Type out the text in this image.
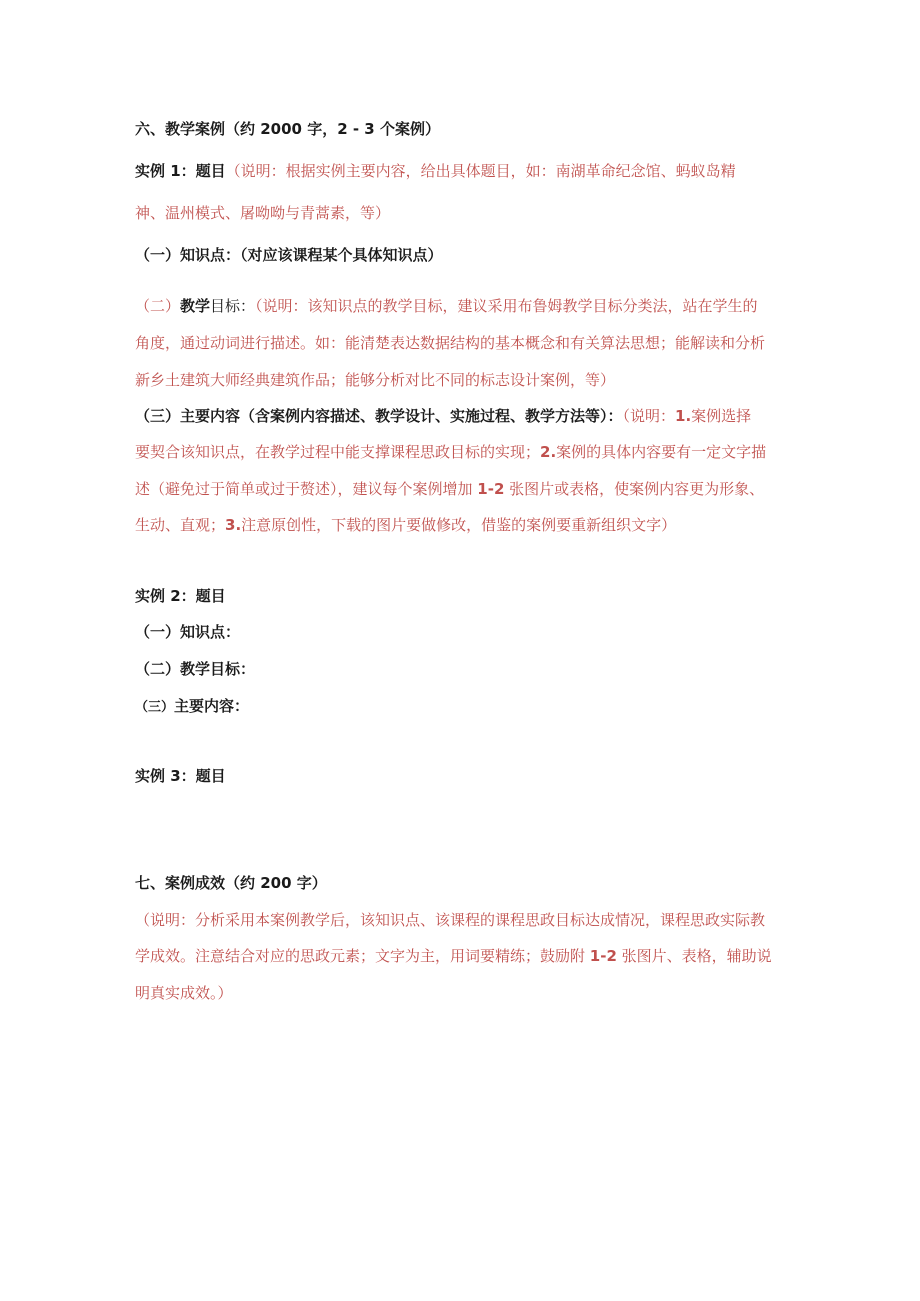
六、教学案例（约 2000 字，2 - 3 个案例）
实例 1：题目（说明：根据实例主要内容，给出具体题目，如：南湖革命纪念馆、蚂蚁岛精
神、温州模式、屠呦呦与青蒿素，等）
（一）知识点：（对应该课程某个具体知识点）
（二）教学目标：（说明：该知识点的教学目标，建议采用布鲁姆教学目标分类法，站在学生的
角度，通过动词进行描述。如：能清楚表达数据结构的基本概念和有关算法思想；能解读和分析
新乡土建筑大师经典建筑作品；能够分析对比不同的标志设计案例，等）
（三）主要内容（含案例内容描述、教学设计、实施过程、教学方法等）：（说明：1.案例选择
要契合该知识点，在教学过程中能支撑课程思政目标的实现；2.案例的具体内容要有一定文字描
述（避免过于简单或过于赘述），建议每个案例增加 1-2 张图片或表格，使案例内容更为形象、
生动、直观；3.注意原创性，下载的图片要做修改，借鉴的案例要重新组织文字）
实例 2：题目
（一）知识点：
（二）教学目标：
（三）主要内容：
实例 3：题目
七、案例成效（约 200 字）
（说明：分析采用本案例教学后，该知识点、该课程的课程思政目标达成情况，课程思政实际教
学成效。注意结合对应的思政元素；文字为主，用词要精练；鼓励附 1-2 张图片、表格，辅助说
明真实成效。）
